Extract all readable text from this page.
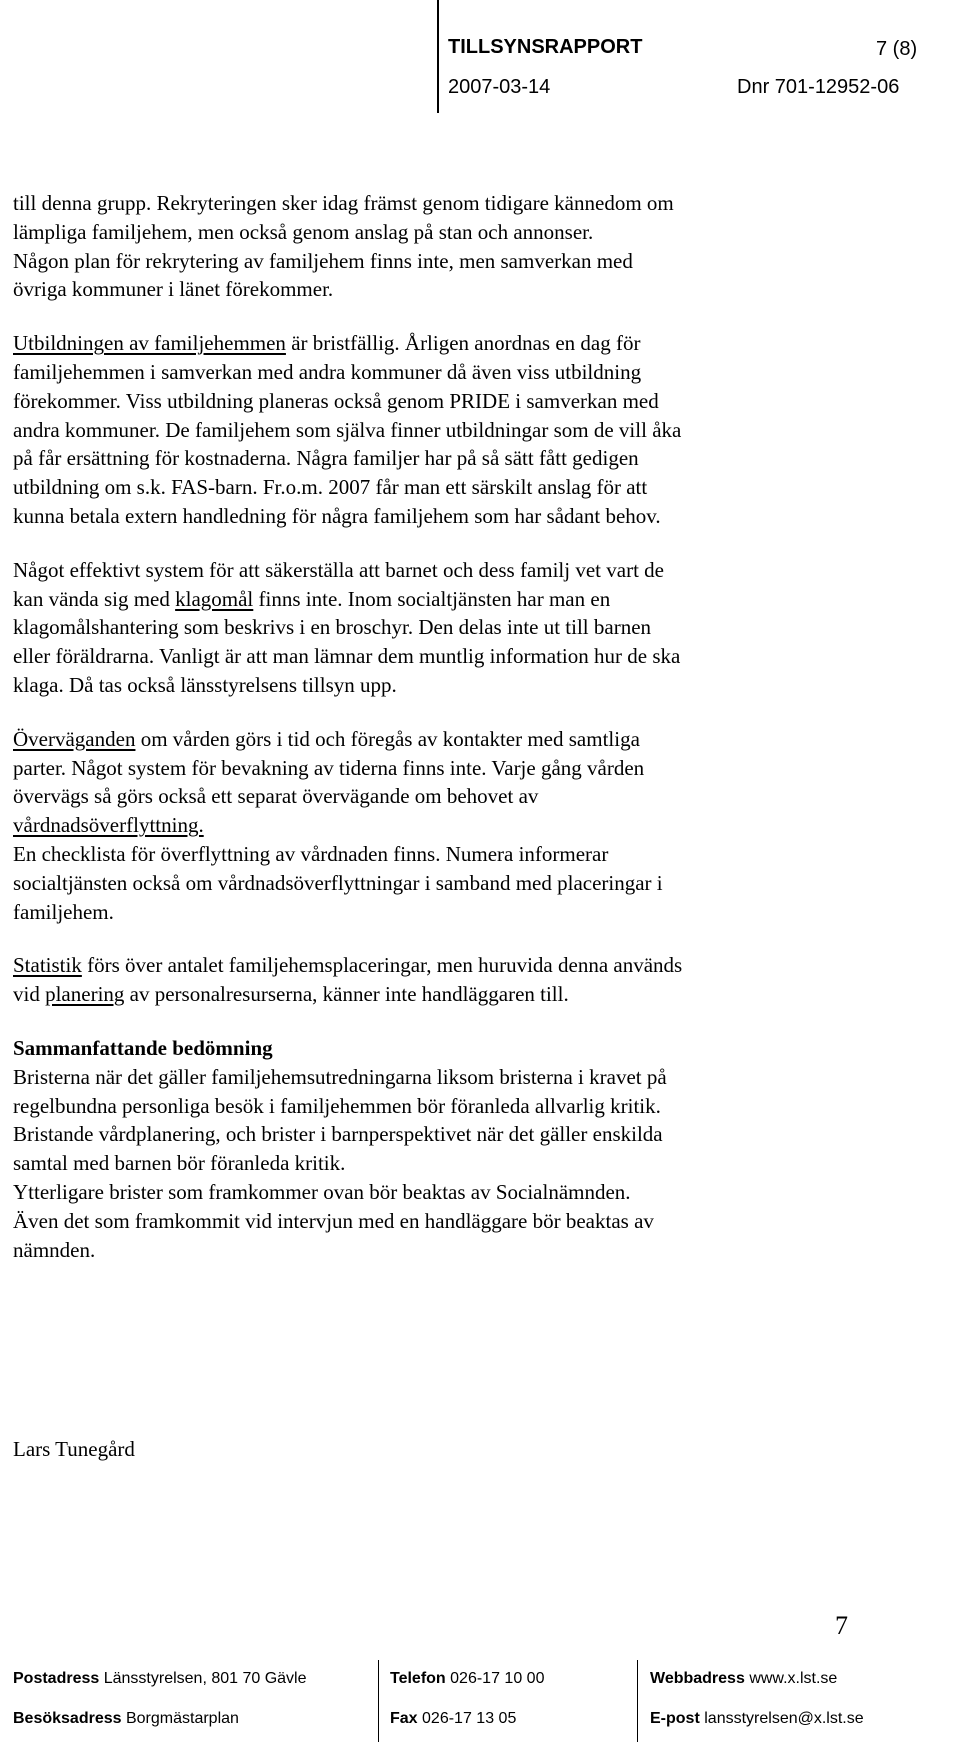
TILLSYNSRAPPORT	7 (8)
2007-03-14	Dnr 701-12952-06
till denna grupp. Rekryteringen sker idag främst genom tidigare kännedom om
lämpliga familjehem, men också genom anslag på stan och annonser.
Någon plan för rekrytering av familjehem finns inte, men samverkan med
övriga kommuner i länet förekommer.
Utbildningen av familjehemmen är bristfällig. Årligen anordnas en dag för
familjehemmen i samverkan med andra kommuner då även viss utbildning
förekommer. Viss utbildning planeras också genom PRIDE i samverkan med
andra kommuner. De familjehem som själva finner utbildningar som de vill åka
på får ersättning för kostnaderna. Några familjer har på så sätt fått gedigen
utbildning om s.k. FAS-barn. Fr.o.m. 2007 får man ett särskilt anslag för att
kunna betala extern handledning för några familjehem som har sådant behov.
Något effektivt system för att säkerställa att barnet och dess familj vet vart de
kan vända sig med klagomål finns inte. Inom socialtjänsten har man en
klagomålshantering som beskrivs i en broschyr. Den delas inte ut till barnen
eller föräldrarna. Vanligt är att man lämnar dem muntlig information hur de ska
klaga. Då tas också länsstyrelsens tillsyn upp.
Överväganden om vården görs i tid och föregås av kontakter med samtliga
parter. Något system för bevakning av tiderna finns inte. Varje gång vården
övervägs så görs också ett separat övervägande om behovet av
vårdnadsöverflyttning.
En checklista för överflyttning av vårdnaden finns. Numera informerar
socialtjänsten också om vårdnadsöverflyttningar i samband med placeringar i
familjehem.
Statistik förs över antalet familjehemsplaceringar, men huruvida denna används
vid planering av personalresurserna, känner inte handläggaren till.
Sammanfattande bedömning
Bristerna när det gäller familjehemsutredningarna liksom bristerna i kravet på
regelbundna personliga besök i familjehemmen bör föranleda allvarlig kritik.
Bristande vårdplanering, och brister i barnperspektivet när det gäller enskilda
samtal med barnen bör föranleda kritik.
Ytterligare brister som framkommer ovan bör beaktas av Socialnämnden.
Även det som framkommit vid intervjun med en handläggare bör beaktas av
nämnden.
Lars Tunegård
7
Postadress Länsstyrelsen, 801 70 Gävle
Besöksadress Borgmästarplan
Telefon 026-17 10 00
Fax 026-17 13 05
Webbadress www.x.lst.se
E-post lansstyrelsen@x.lst.se
